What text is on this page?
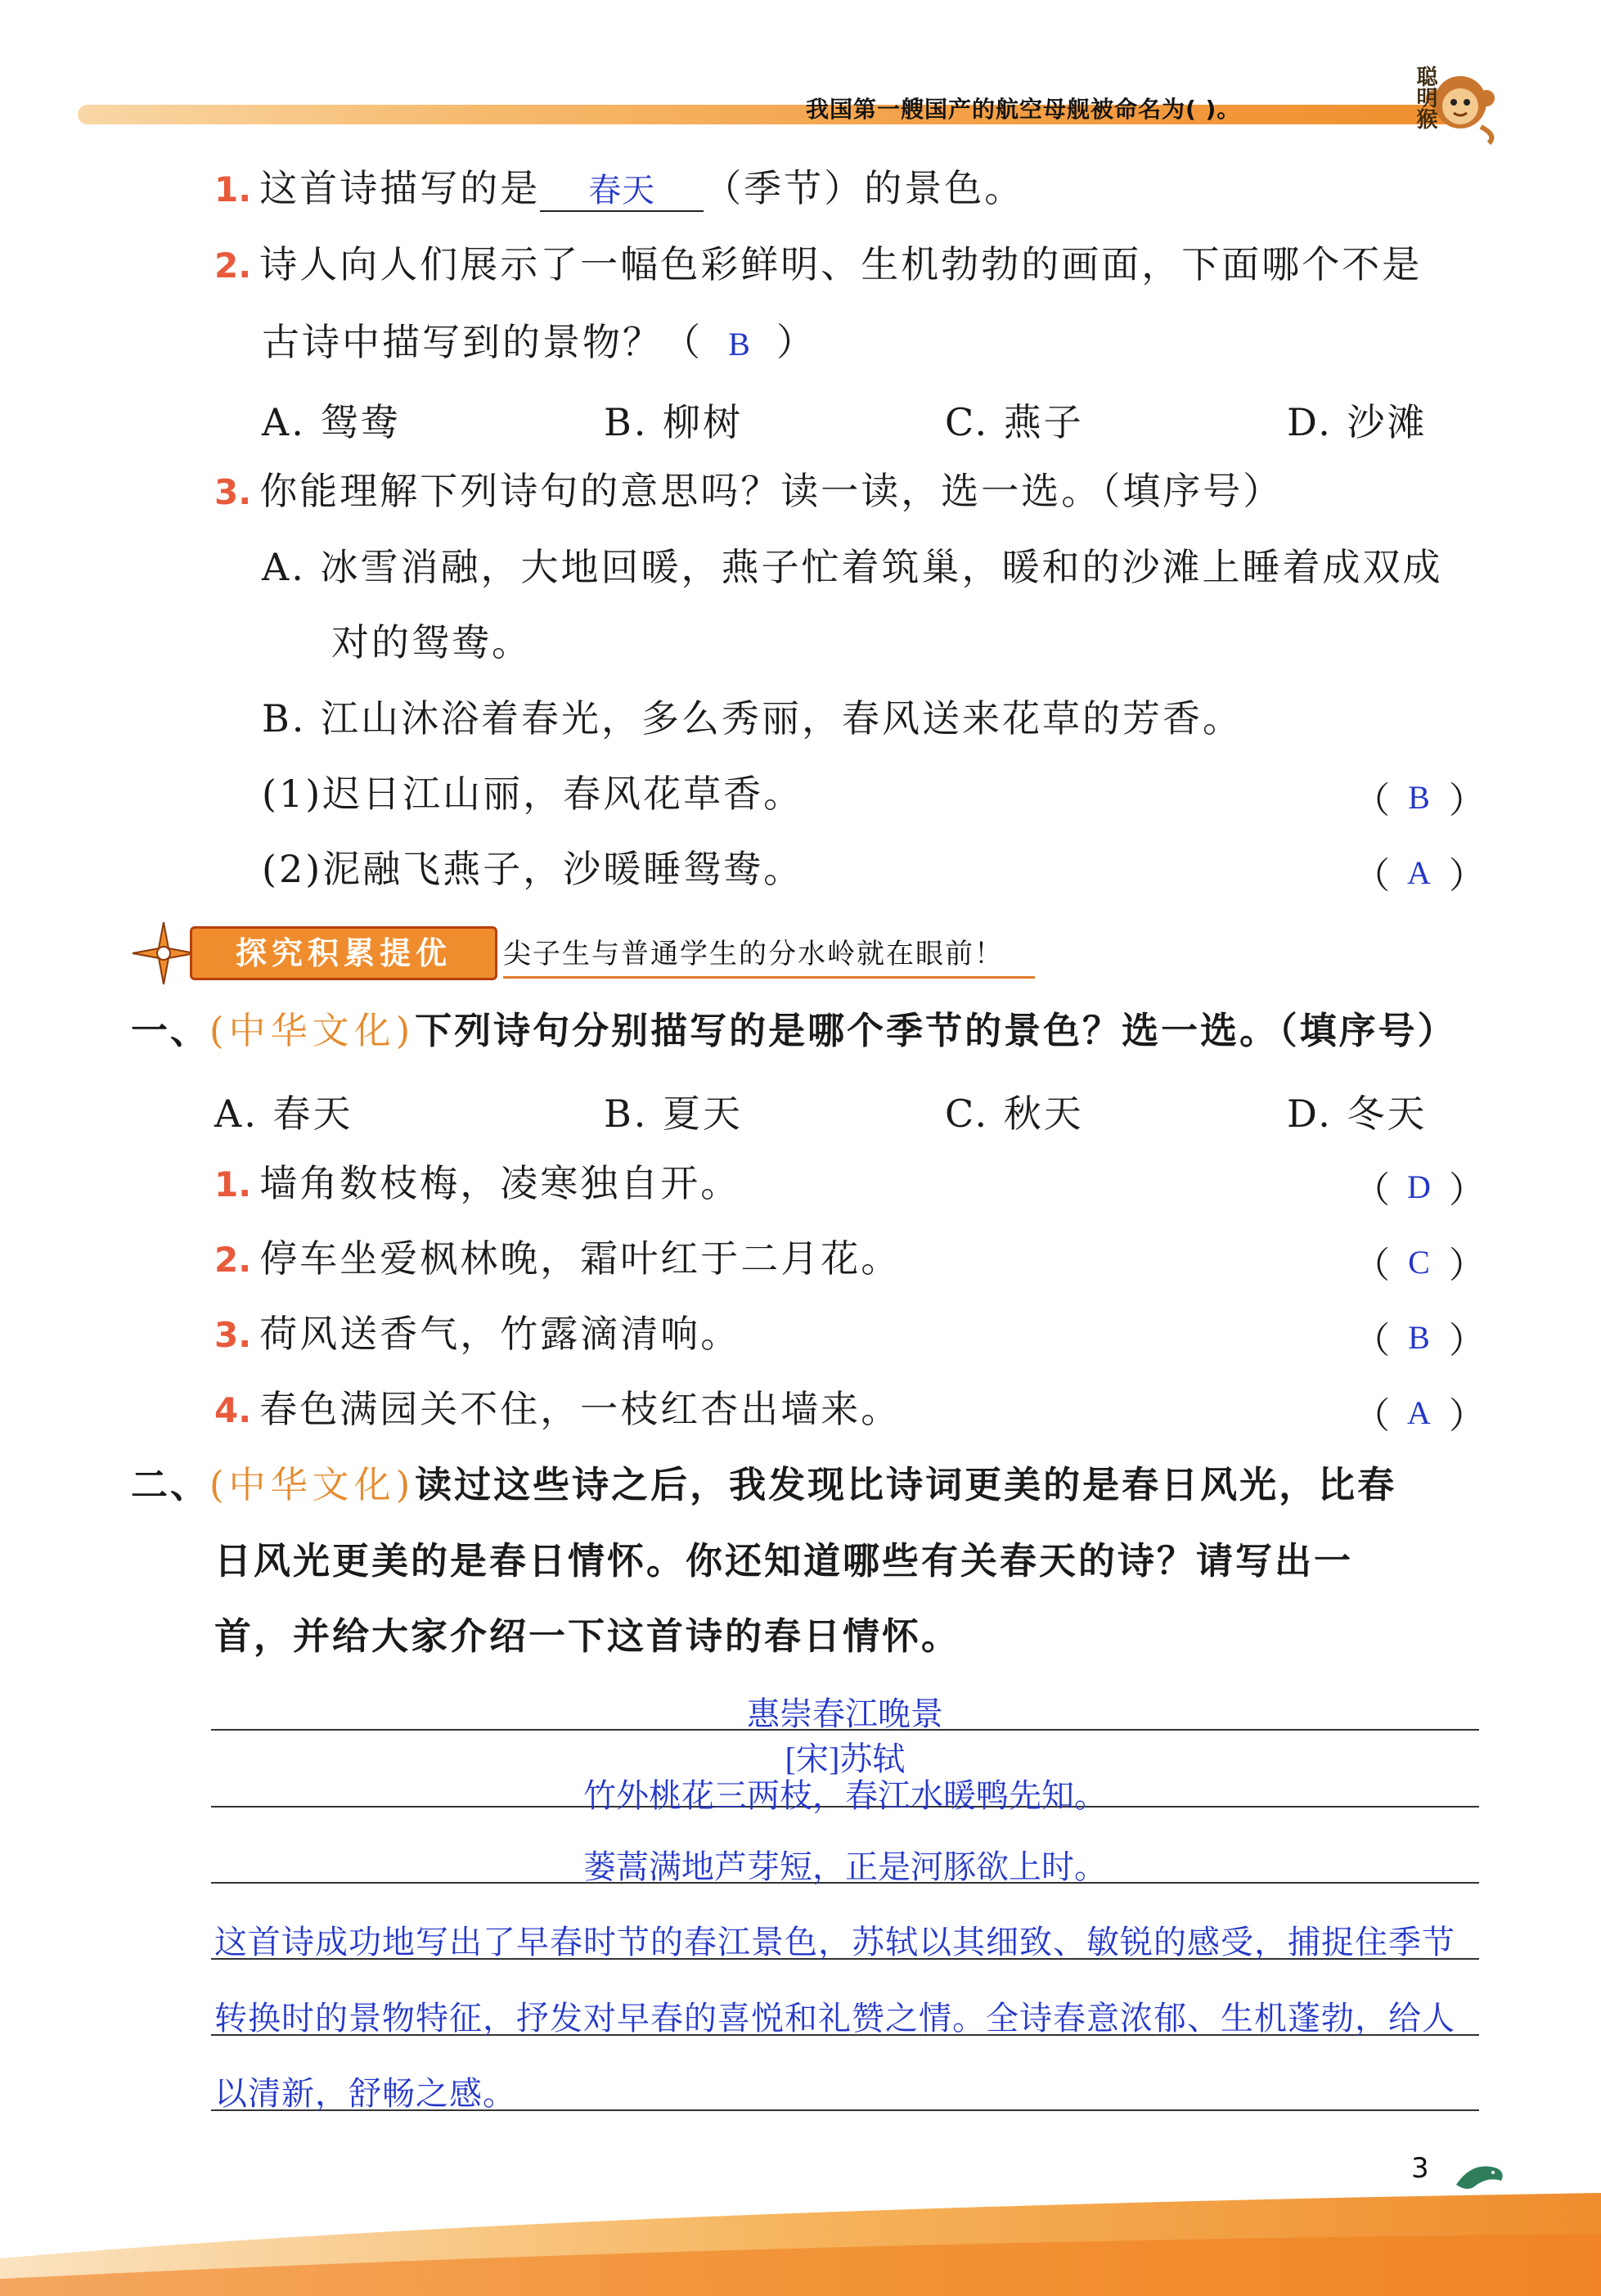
我国第一艘国产的航空母舰被命名为( )。	聪明猴
1. 这首诗描写的是 春天 （季节）的景色。
2. 诗人向人们展示了一幅色彩鲜明、生机勃勃的画面，下面哪个不是
古诗中描写到的景物？（ B ）
A. 鸳鸯	B. 柳树	C. 燕子	D. 沙滩
3. 你能理解下列诗句的意思吗？读一读，选一选。（填序号）
A. 冰雪消融，大地回暖，燕子忙着筑巢，暖和的沙滩上睡着成双成
对的鸳鸯。
B. 江山沐浴着春光，多么秀丽，春风送来花草的芳香。
(1)迟日江山丽，春风花草香。	（ B ）
(2)泥融飞燕子，沙暖睡鸳鸯。	（ A ）
探究积累提优	尖子生与普通学生的分水岭就在眼前！
一、(中华文化)下列诗句分别描写的是哪个季节的景色？选一选。（填序号）
A. 春天	B. 夏天	C. 秋天	D. 冬天
1. 墙角数枝梅，凌寒独自开。	（ D ）
2. 停车坐爱枫林晚，霜叶红于二月花。	（ C ）
3. 荷风送香气，竹露滴清响。	（ B ）
4. 春色满园关不住，一枝红杏出墙来。	（ A ）
二、(中华文化)读过这些诗之后，我发现比诗词更美的是春日风光，比春
日风光更美的是春日情怀。你还知道哪些有关春天的诗？请写出一
首，并给大家介绍一下这首诗的春日情怀。
惠崇春江晚景
[宋]苏轼
竹外桃花三两枝，春江水暖鸭先知。
蒌蒿满地芦芽短，正是河豚欲上时。
这首诗成功地写出了早春时节的春江景色，苏轼以其细致、敏锐的感受，捕捉住季节
转换时的景物特征，抒发对早春的喜悦和礼赞之情。全诗春意浓郁、生机蓬勃，给人
以清新，舒畅之感。
3
